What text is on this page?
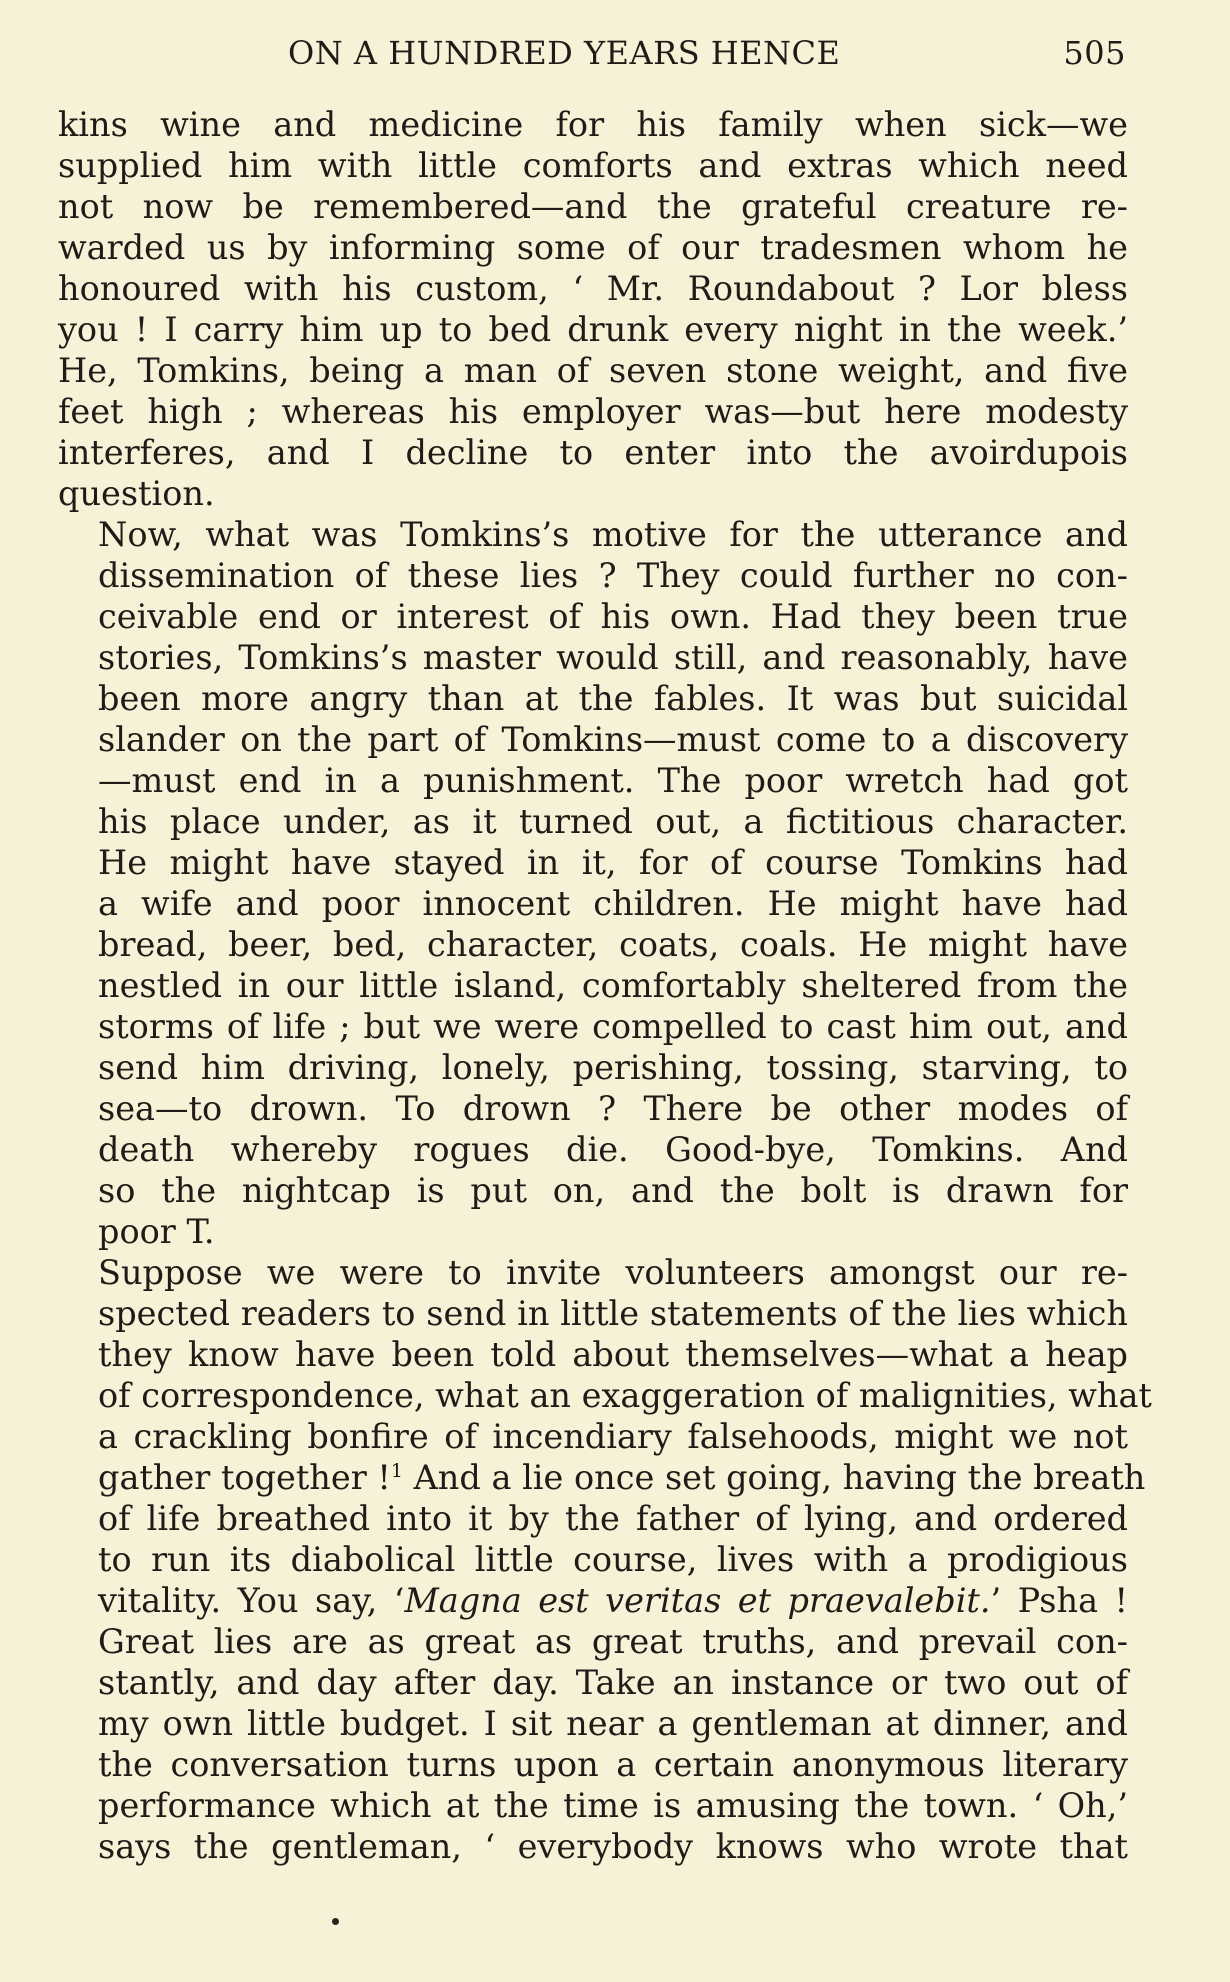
ON A HUNDRED YEARS HENCE	505

kins wine and medicine for his family when sick—we
supplied him with little comforts and extras which need
not now be remembered—and the grateful creature re-
warded us by informing some of our tradesmen whom he
honoured with his custom, ‘ Mr. Roundabout ? Lor bless
you ! I carry him up to bed drunk every night in the week.’
He, Tomkins, being a man of seven stone weight, and five
feet high ; whereas his employer was—but here modesty
interferes, and I decline to enter into the avoirdupois
question.

Now, what was Tomkins’s motive for the utterance and
dissemination of these lies ? They could further no con-
ceivable end or interest of his own. Had they been true
stories, Tomkins’s master would still, and reasonably, have
been more angry than at the fables. It was but suicidal
slander on the part of Tomkins—must come to a discovery
—must end in a punishment. The poor wretch had got
his place under, as it turned out, a fictitious character.
He might have stayed in it, for of course Tomkins had
a wife and poor innocent children. He might have had
bread, beer, bed, character, coats, coals. He might have
nestled in our little island, comfortably sheltered from the
storms of life ; but we were compelled to cast him out, and
send him driving, lonely, perishing, tossing, starving, to
sea—to drown. To drown ? There be other modes of
death whereby rogues die. Good-bye, Tomkins. And
so the nightcap is put on, and the bolt is drawn for
poor T.

Suppose we were to invite volunteers amongst our re-
spected readers to send in little statements of the lies which
they know have been told about themselves—what a heap
of correspondence, what an exaggeration of malignities, what
a crackling bonfire of incendiary falsehoods, might we not
gather together !$^1$ And a lie once set going, having the breath
of life breathed into it by the father of lying, and ordered
to run its diabolical little course, lives with a prodigious
vitality. You say, ‘Magna est veritas et praevalebit.’ Psha !
Great lies are as great as great truths, and prevail con-
stantly, and day after day. Take an instance or two out of
my own little budget. I sit near a gentleman at dinner, and
the conversation turns upon a certain anonymous literary
performance which at the time is amusing the town. ‘ Oh,’
says the gentleman, ‘ everybody knows who wrote that
